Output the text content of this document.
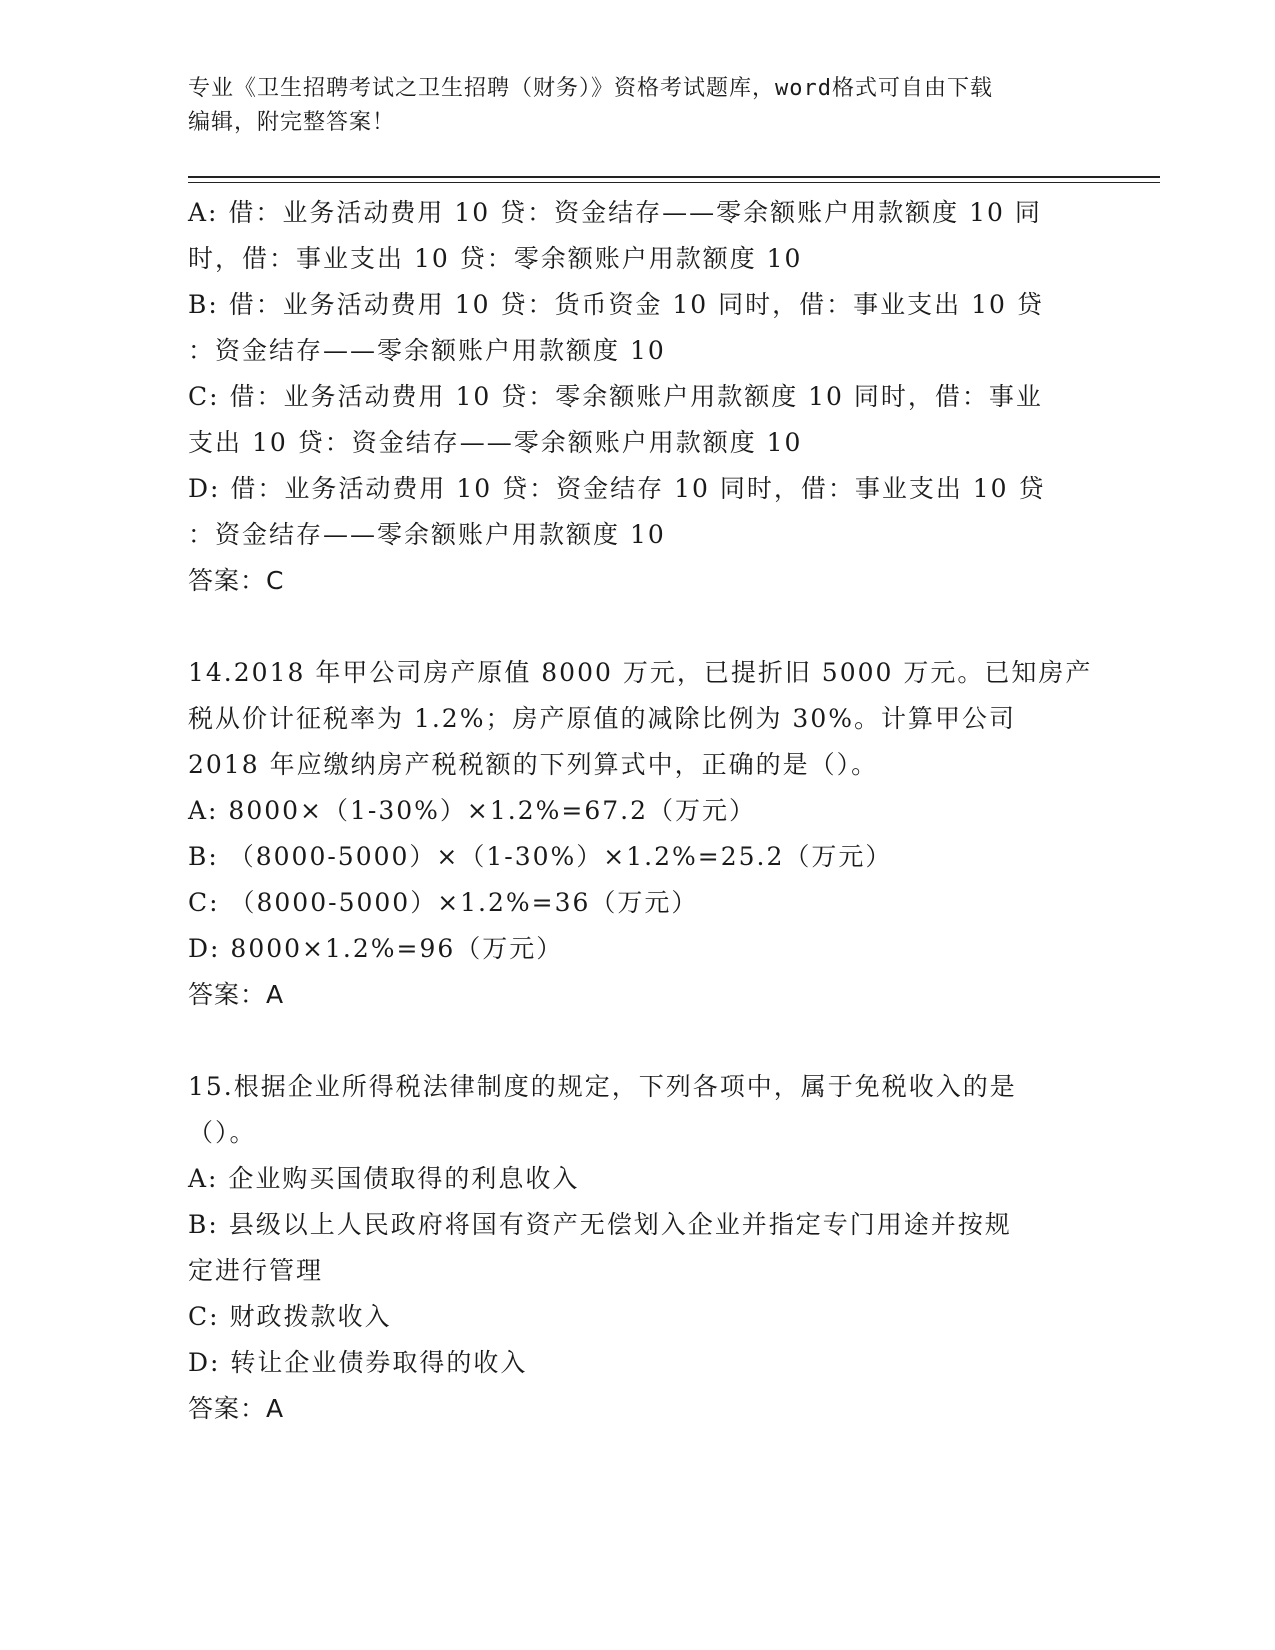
专业《卫生招聘考试之卫生招聘（财务）》资格考试题库，word格式可自由下载
编辑，附完整答案！
A: 借：业务活动费用 10 贷：资金结存——零余额账户用款额度 10 同
时，借：事业支出 10 贷：零余额账户用款额度 10
B: 借：业务活动费用 10 贷：货币资金 10 同时，借：事业支出 10 贷
：资金结存——零余额账户用款额度 10
C: 借：业务活动费用 10 贷：零余额账户用款额度 10 同时，借：事业
支出 10 贷：资金结存——零余额账户用款额度 10
D: 借：业务活动费用 10 贷：资金结存 10 同时，借：事业支出 10 贷
：资金结存——零余额账户用款额度 10
答案：C
14.2018 年甲公司房产原值 8000 万元，已提折旧 5000 万元。已知房产
税从价计征税率为 1.2%；房产原值的减除比例为 30%。计算甲公司
2018 年应缴纳房产税税额的下列算式中，正确的是（）。
A: 8000×（1-30%）×1.2%=67.2（万元）
B: （8000-5000）×（1-30%）×1.2%=25.2（万元）
C: （8000-5000）×1.2%=36（万元）
D: 8000×1.2%=96（万元）
答案：A
15.根据企业所得税法律制度的规定，下列各项中，属于免税收入的是
（）。
A: 企业购买国债取得的利息收入
B: 县级以上人民政府将国有资产无偿划入企业并指定专门用途并按规
定进行管理
C: 财政拨款收入
D: 转让企业债券取得的收入
答案：A
